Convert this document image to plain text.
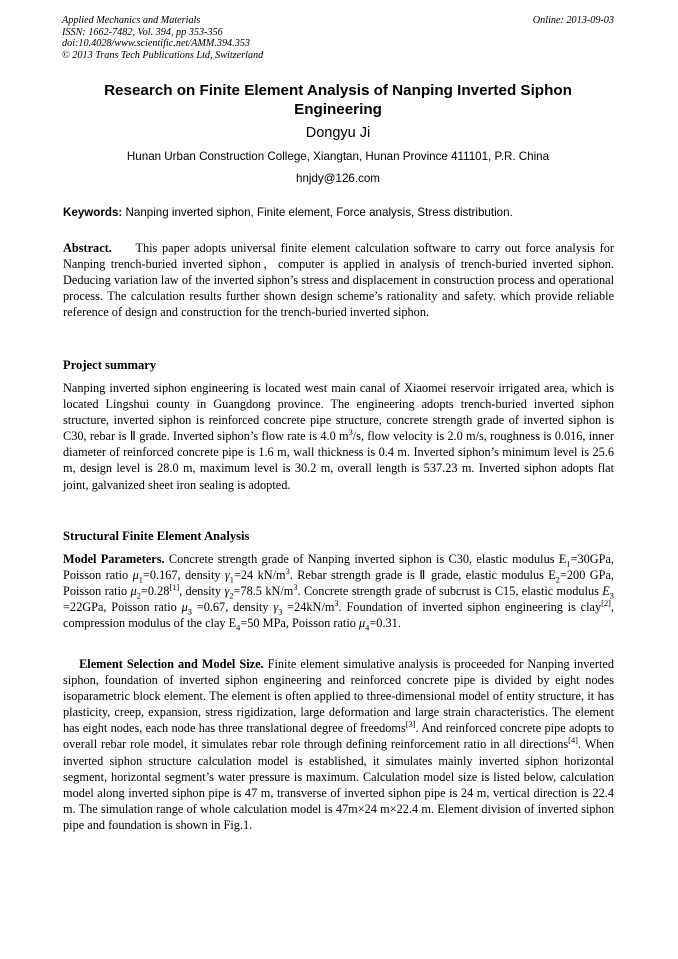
Applied Mechanics and Materials
ISSN: 1662-7482, Vol. 394, pp 353-356
doi:10.4028/www.scientific.net/AMM.394.353
© 2013 Trans Tech Publications Ltd, Switzerland
Online: 2013-09-03
Research on Finite Element Analysis of Nanping Inverted Siphon Engineering
Dongyu Ji
Hunan Urban Construction College, Xiangtan, Hunan Province 411101, P.R. China
hnjdy@126.com
Keywords: Nanping inverted siphon, Finite element, Force analysis, Stress distribution.
Abstract. This paper adopts universal finite element calculation software to carry out force analysis for Nanping trench-buried inverted siphon，computer is applied in analysis of trench-buried inverted siphon. Deducing variation law of the inverted siphon’s stress and displacement in construction process and operational process. The calculation results further shown design scheme’s rationality and safety. which provide reliable reference of design and construction for the trench-buried inverted siphon.
Project summary
Nanping inverted siphon engineering is located west main canal of Xiaomei reservoir irrigated area, which is located Lingshui county in Guangdong province. The engineering adopts trench-buried inverted siphon structure, inverted siphon is reinforced concrete pipe structure, concrete strength grade of inverted siphon is C30, rebar is Ⅱ grade. Inverted siphon’s flow rate is 4.0 $m^3/s$, flow velocity is 2.0 m/s, roughness is 0.016, inner diameter of reinforced concrete pipe is 1.6 m, wall thickness is 0.4 m. Inverted siphon’s minimum level is 25.6 m, design level is 28.0 m, maximum level is 30.2 m, overall length is 537.23 m. Inverted siphon adopts flat joint, galvanized sheet iron sealing is adopted.
Structural Finite Element Analysis
Model Parameters. Concrete strength grade of Nanping inverted siphon is C30, elastic modulus $E_1=30GPa$, Poisson ratio $\mu_1=0.167$, density $\gamma_1=24$ $kN/m^3$. Rebar strength grade is Ⅱ grade, elastic modulus $E_2=200$ GPa, Poisson ratio $\mu_2=0.28[1]$, density $\gamma_2=78.5$ $kN/m^3$. Concrete strength grade of subcrust is C15, elastic modulus $E_3 =22GPa$, Poisson ratio $\mu_3 =0.67$, density $\gamma_3 =24kN/m^3$. Foundation of inverted siphon engineering is clay[2], compression modulus of the clay $E_4=50$ MPa, Poisson ratio $\mu_4=0.31$.
Element Selection and Model Size. Finite element simulative analysis is proceeded for Nanping inverted siphon, foundation of inverted siphon engineering and reinforced concrete pipe is divided by eight nodes isoparametric block element. The element is often applied to three-dimensional model of entity structure, it has plasticity, creep, expansion, stress rigidization, large deformation and large strain characteristics. The element has eight nodes, each node has three translational degree of freedoms[3]. And reinforced concrete pipe adopts to overall rebar role model, it simulates rebar role through defining reinforcement ratio in all directions[4]. When inverted siphon structure calculation model is established, it simulates mainly inverted siphon horizontal segment, horizontal segment’s water pressure is maximum. Calculation model size is listed below, calculation model along inverted siphon pipe is 47 m, transverse of inverted siphon pipe is 24 m, vertical direction is 22.4 m. The simulation range of whole calculation model is 47m×24 m×22.4 m. Element division of inverted siphon pipe and foundation is shown in Fig.1.
